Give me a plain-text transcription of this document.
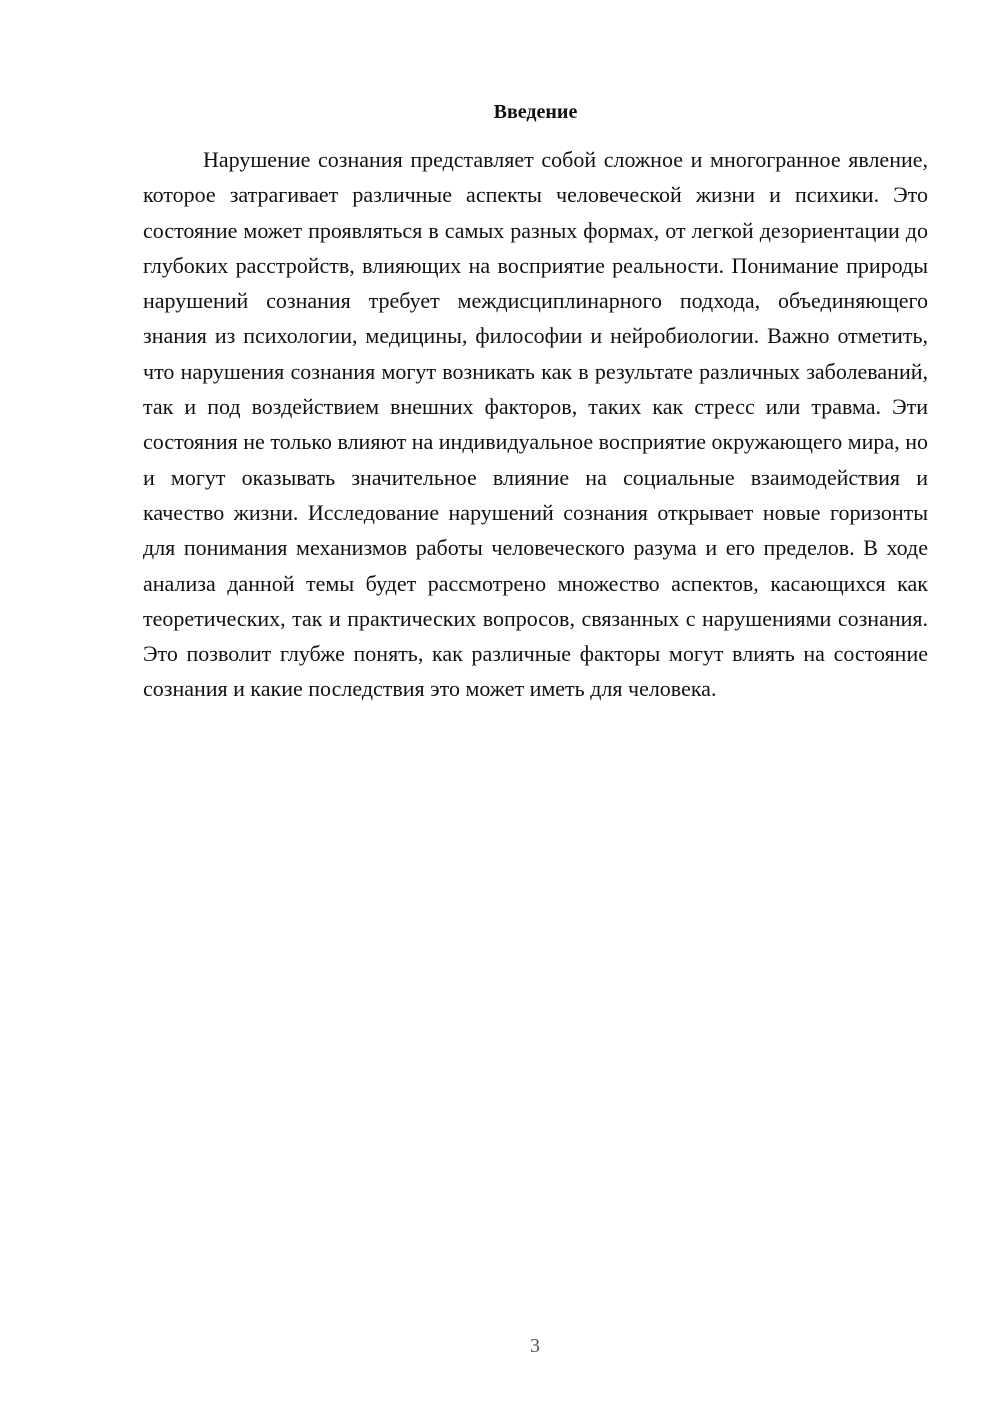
Введение

Нарушение сознания представляет собой сложное и многогранное явление, которое затрагивает различные аспекты человеческой жизни и психики. Это состояние может проявляться в самых разных формах, от легкой дезориентации до глубоких расстройств, влияющих на восприятие реальности. Понимание природы нарушений сознания требует междисциплинарного подхода, объединяющего знания из психологии, медицины, философии и нейробиологии. Важно отметить, что нарушения сознания могут возникать как в результате различных заболеваний, так и под воздействием внешних факторов, таких как стресс или травма. Эти состояния не только влияют на индивидуальное восприятие окружающего мира, но и могут оказывать значительное влияние на социальные взаимодействия и качество жизни. Исследование нарушений сознания открывает новые горизонты для понимания механизмов работы человеческого разума и его пределов. В ходе анализа данной темы будет рассмотрено множество аспектов, касающихся как теоретических, так и практических вопросов, связанных с нарушениями сознания. Это позволит глубже понять, как различные факторы могут влиять на состояние сознания и какие последствия это может иметь для человека.

3
